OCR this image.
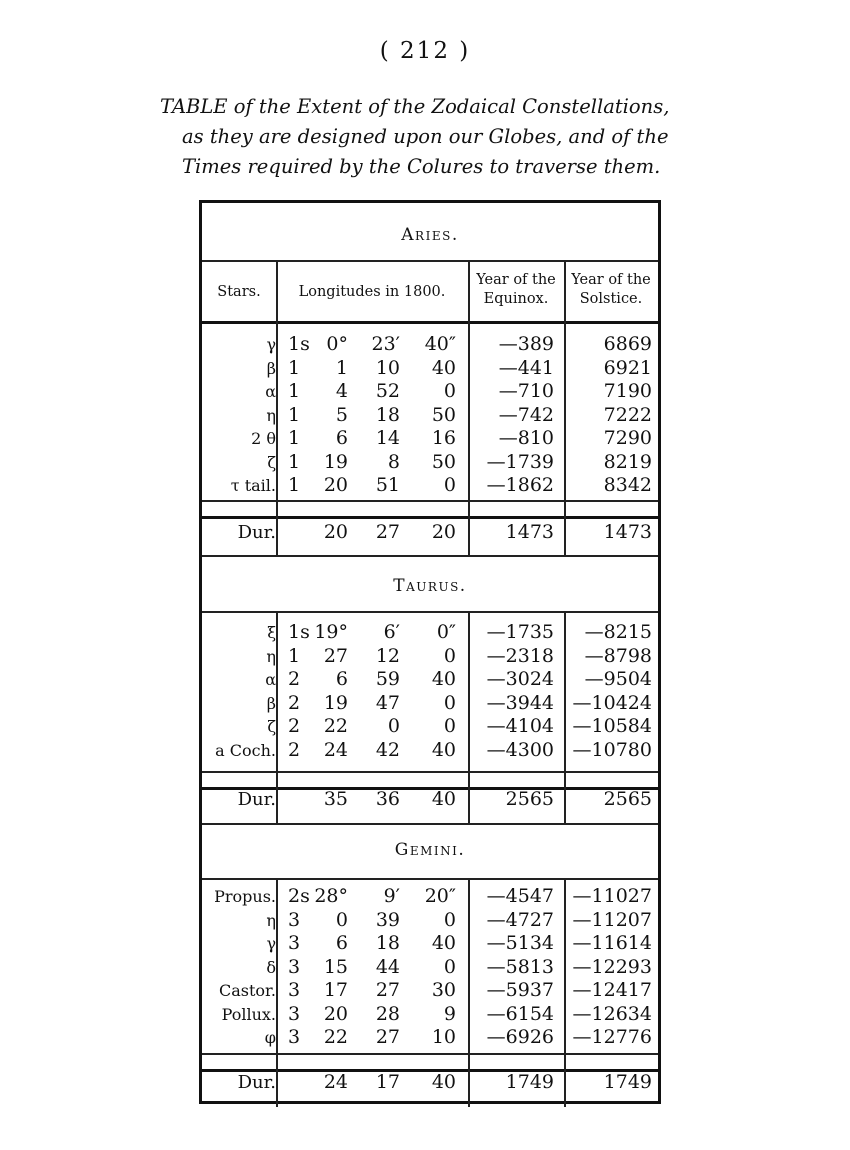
( 212 )
TABLE of the Extent of the Zodaical Constellations,
as they are designed upon our Globes, and of the
Times required by the Colures to traverse them.
Stars.	Longitudes in 1800.
Year of the
Equinox.
Year of the
Solstice.
Aries.
γ 1s 0°	23′	40″	—389	6869
β 1	1	10	40	—441	6921
α 1	4	52	0	—710	7190
η 1	5	18	50	—742	7222
2 θ 1	6	14	16	—810	7290
ζ 1	19	8	50	—1739	8219
τ tail. 1	20	51	0	—1862	8342
Dur.	20	27	20	1473	1473
Taurus.
ξ 1s 19°	6′	0″	—1735	—8215
η 1	27	12	0	—2318	—8798
α 2	6	59	40	—3024	—9504
β 2	19	47	0	—3944 —10424
ζ 2	22	0	0	—4104 —10584
a Coch. 2	24	42	40	—4300 —10780
Dur.	35	36	40	2565	2565
Gemini.
Propus. 2s 28°	9′	20″	—4547 —11027
η 3	0	39	0	—4727 —11207
γ 3	6	18	40	—5134 —11614
δ 3	15	44	0	—5813 —12293
Castor. 3	17	27	30	—5937 —12417
Pollux. 3	20	28	9	—6154 —12634
φ 3	22	27	10	—6926 —12776
Dur.	24	17	40	1749	1749
